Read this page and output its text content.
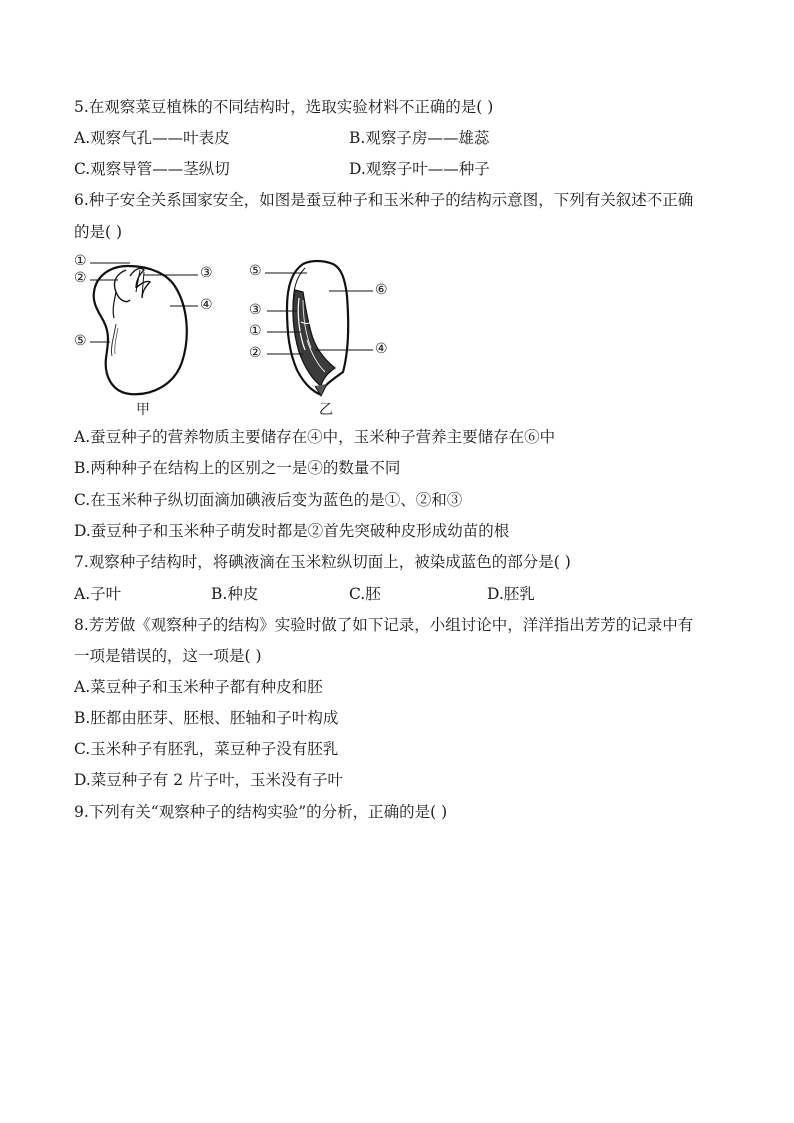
5.在观察菜豆植株的不同结构时，选取实验材料不正确的是( )
A.观察气孔——叶表皮	B.观察子房——雄蕊
C.观察导管——茎纵切	D.观察子叶——种子
6.种子安全关系国家安全，如图是蚕豆种子和玉米种子的结构示意图，下列有关叙述不正确
的是( )
①
②	③
④
⑤
甲
⑤
⑥
③
①
②	④
乙
A.蚕豆种子的营养物质主要储存在④中，玉米种子营养主要储存在⑥中
B.两种种子在结构上的区别之一是④的数量不同
C.在玉米种子纵切面滴加碘液后变为蓝色的是①、②和③
D.蚕豆种子和玉米种子萌发时都是②首先突破种皮形成幼苗的根
7.观察种子结构时，将碘液滴在玉米粒纵切面上，被染成蓝色的部分是( )
A.子叶	B.种皮	C.胚	D.胚乳
8.芳芳做《观察种子的结构》实验时做了如下记录，小组讨论中，洋洋指出芳芳的记录中有
一项是错误的，这一项是( )
A.菜豆种子和玉米种子都有种皮和胚
B.胚都由胚芽、胚根、胚轴和子叶构成
C.玉米种子有胚乳，菜豆种子没有胚乳
D.菜豆种子有 2 片子叶，玉米没有子叶
9.下列有关“观察种子的结构实验”的分析，正确的是( )
